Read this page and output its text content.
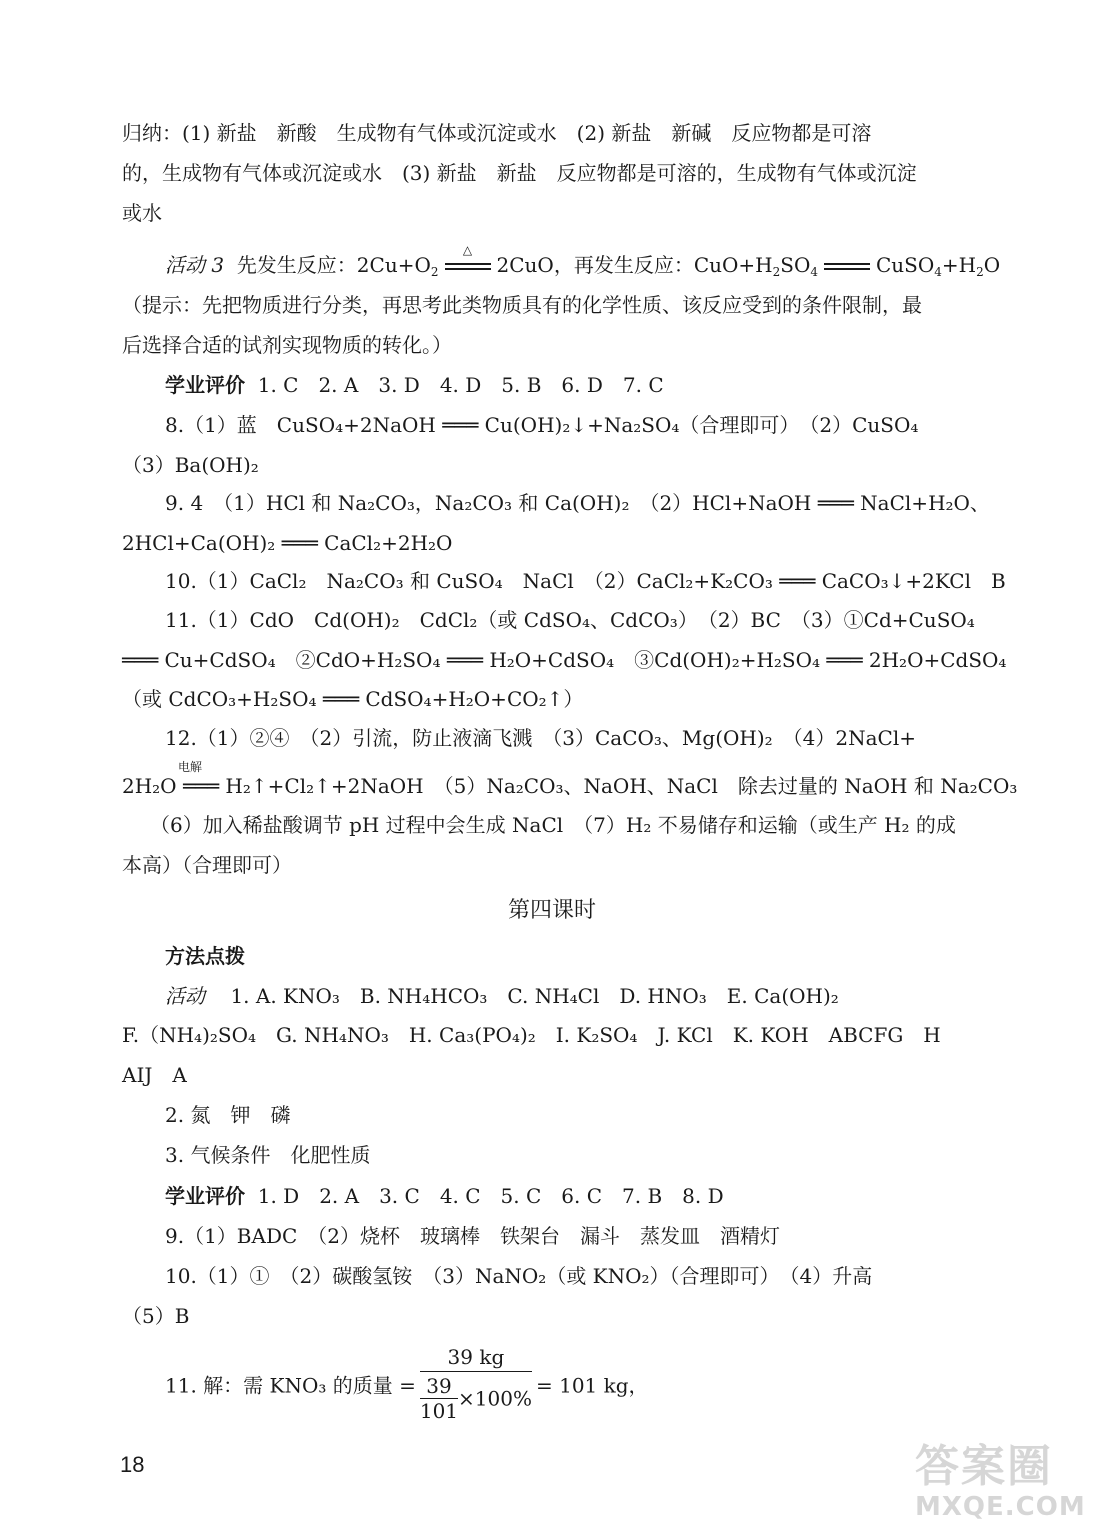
归纳：(1) 新盐　新酸　生成物有气体或沉淀或水　(2) 新盐　新碱　反应物都是可溶
的，生成物有气体或沉淀或水　(3) 新盐　新盐　反应物都是可溶的，生成物有气体或沉淀
或水
活动 3 先发生反应：$2Cu+O_2$
△
2CuO，再发生反应：$CuO+H_2SO_4$	$CuSO_4+H_2O$
（提示：先把物质进行分类，再思考此类物质具有的化学性质、该反应受到的条件限制，最
后选择合适的试剂实现物质的转化。）
学业评价 1. C　2. A　3. D　4. D　5. B　6. D　7. C
8.（1）蓝　CuSO₄+2NaOH ═══ Cu(OH)₂↓+Na₂SO₄（合理即可）　（2）CuSO₄
（3）Ba(OH)₂
9. 4　（1）HCl 和 Na₂CO₃，Na₂CO₃ 和 Ca(OH)₂　（2）HCl+NaOH ═══ NaCl+H₂O、
2HCl+Ca(OH)₂ ═══ CaCl₂+2H₂O
10.（1）CaCl₂　Na₂CO₃ 和 CuSO₄　NaCl　（2）CaCl₂+K₂CO₃ ═══ CaCO₃↓+2KCl　B
11.（1）CdO　Cd(OH)₂　CdCl₂（或 CdSO₄、CdCO₃）　（2）BC　（3）①Cd+CuSO₄
═══ Cu+CdSO₄　②CdO+H₂SO₄ ═══ H₂O+CdSO₄　③Cd(OH)₂+H₂SO₄ ═══ 2H₂O+CdSO₄
（或 CdCO₃+H₂SO₄ ═══ CdSO₄+H₂O+CO₂↑）
12.（1）②④　（2）引流，防止液滴飞溅　（3）CaCO₃、Mg(OH)₂　（4）2NaCl+
电解
2H₂O ═══ H₂↑+Cl₂↑+2NaOH　（5）Na₂CO₃、NaOH、NaCl　除去过量的 NaOH 和 Na₂CO₃
（6）加入稀盐酸调节 pH 过程中会生成 NaCl　（7）H₂ 不易储存和运输（或生产 H₂ 的成
本高）（合理即可）
第四课时
方法点拨
活动 1. A. KNO₃　B. NH₄HCO₃　C. NH₄Cl　D. HNO₃　E. Ca(OH)₂
F.（NH₄)₂SO₄　G. NH₄NO₃　H. Ca₃(PO₄)₂　I. K₂SO₄　J. KCl　K. KOH　ABCFG　H
AIJ　A
2. 氮　钾　磷
3. 气候条件　化肥性质
学业评价 1. D　2. A　3. C　4. C　5. C　6. C　7. B　8. D
9.（1）BADC　（2）烧杯　玻璃棒　铁架台　漏斗　蒸发皿　酒精灯
10.（1）①　（2）碳酸氢铵　（3）NaNO₂（或 KNO₂）（合理即可）　（4）升高
（5）B
11. 解：需 KNO₃ 的质量 = $\frac{39 kg}{\frac{39}{101} \times 100\%} = 101$ kg，
18	答案圈
MXQE.COM
